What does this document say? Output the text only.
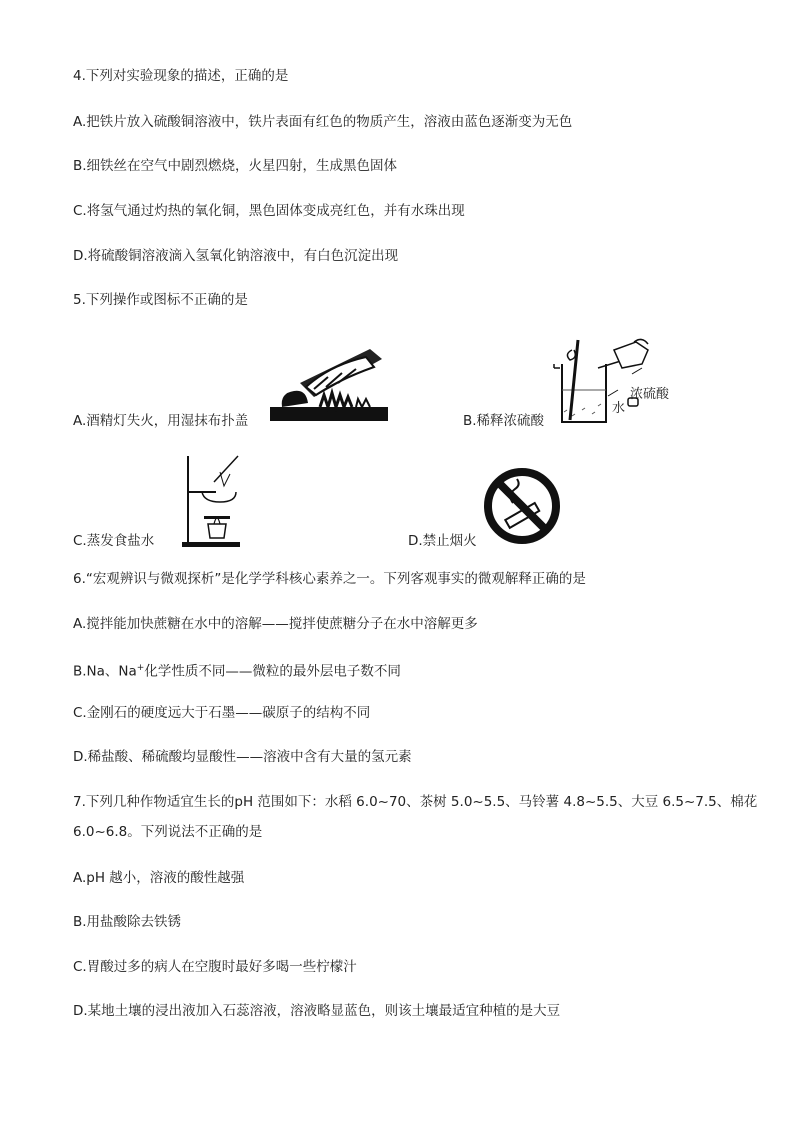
4.下列对实验现象的描述，正确的是
A.把铁片放入硫酸铜溶液中，铁片表面有红色的物质产生，溶液由蓝色逐渐变为无色
B.细铁丝在空气中剧烈燃烧，火星四射，生成黑色固体
C.将氢气通过灼热的氧化铜，黑色固体变成亮红色，并有水珠出现
D.将硫酸铜溶液滴入氢氧化钠溶液中，有白色沉淀出现
5.下列操作或图标不正确的是
A.酒精灯失火，用湿抹布扑盖	B.稀释浓硫酸
浓硫酸
水
C.蒸发食盐水	D.禁止烟火
6.“宏观辨识与微观探析”是化学学科核心素养之一。下列客观事实的微观解释正确的是
A.搅拌能加快蔗糖在水中的溶解——搅拌使蔗糖分子在水中溶解更多
B.Na、Na+化学性质不同——微粒的最外层电子数不同
C.金刚石的硬度远大于石墨——碳原子的结构不同
D.稀盐酸、稀硫酸均显酸性——溶液中含有大量的氢元素
7.下列几种作物适宜生长的pH 范围如下：水稻 6.0~70、茶树 5.0~5.5、马铃薯 4.8~5.5、大豆 6.5~7.5、棉花
6.0~6.8。下列说法不正确的是
A.pH 越小，溶液的酸性越强
B.用盐酸除去铁锈
C.胃酸过多的病人在空腹时最好多喝一些柠檬汁
D.某地土壤的浸出液加入石蕊溶液，溶液略显蓝色，则该土壤最适宜种植的是大豆
